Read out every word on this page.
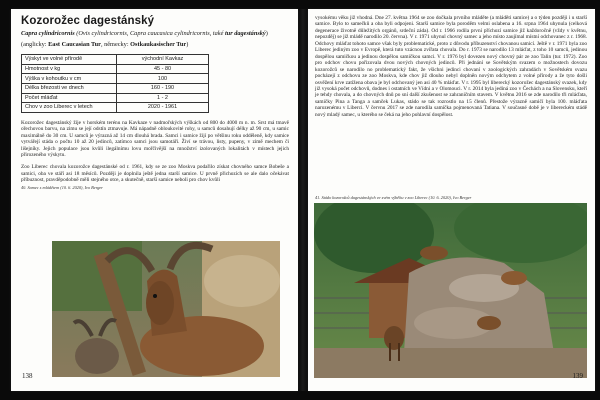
Kozorožec dagestánský
Capra cylindricornis (Ovis cylindricornis, Capra caucasica cylindricornis, také tur dagestánský)
(anglicky: East Caucasian Tur, německy: Ostkaukasischer Tur)
Výskyt ve volné přírodě	východní Kavkaz
Hmotnost v kg	45 - 80
Výška v kohoutku v cm	100
Délka březosti ve dnech	160 - 190
Počet mláďat	1 - 2
Chov v zoo Liberec v letech	2020 - 1961

Kozorožec dagestánský žije v horském terénu na Kavkaze v nadmořských výškách od 800 do 4000 m n. m. Srst má tmavě ořechovou barvu, na zimu se její odstín ztmavuje. Má nápadně obloukovité rohy, u samců dosahují délky až 90 cm, u samic maximálně do 30 cm. U samců je výrazná až 14 cm dlouhá brada. Samci i samice žijí po většinu roku odděleně, kdy samice vytvářejí stáda o počtu 10 až 20 jedinců, zatímco samci jsou samotáři. Živí se trávou, listy, pupeny, v zimě mechem či lišejníky. Jejich populace jsou kvůli ilegálnímu lovu mořčivější na množství izolovaných lokalitách v místech jejich přirozeného výskytu.

Zoo Liberec chovala kozorožce dagestánské od r. 1961, kdy se ze zoo Moskva podařilo získat chovného samce Bobeše a samici, oba ve stáří asi 18 měsíců. Později je doplnila ještě jedna starší samice. U prvně přichozích se ale dalo očekávat příbuznost, pravděpodobně měli stejného otce, a skutečně, starší samice neboli pro chov kvůli

40. Samec s mládětem (10. 6. 2020), Ivo Berger

138

vysokému věku již vhodná. Dne 27. května 1964 se zoo dočkala prvního mláděte (a mláděti samice) a o týden později i u starší samice. Bylo to samečků a oba byli odpojeni. Starší samice byla poroděm velmi oslabena a 16. srpna 1964 uhynula (celková degenerace životně důležitých orgánů, srdeční záda). Od r. 1966 rodila první příchozí samice již každoročně (vždy v květnu, nepozděj) se již mládě narodilo 20. června). V r. 1971 uhynul chovný samec a jeho místo zaujímal místní odchovanec z r. 1968. Odchovy mláďat tohoto samce však byly problematické, proto z důvodu příbuzenství chovanou samicí. Ještě v r. 1971 byla zoo Liberec jediným zoo v Evropě, která tuto vzácnou zvířata chovala. Do r. 1973 se narodilo 13 mláďat, z toho 10 samců, jedinou dospělou samičkou a jedinou dospělou samičkou samci. V r. 1976 byl dovezen nový chovný pár ze zoo Talin (tur. 1972). Zoo pro odchov chovu pořizovala dvou nových chovných jedinců. Při jednání se Sovětským svazem o možnostech dovozu kozorožců se narodilo no problematický fakt, že všichni jedinci chovaní v zoologických zahradách v Sovětském svazu pocházejí z odchovu ze zoo Moskva, kde chov již dlouho nebyl doplněn novým odchytem z volné přírody a že tyto došli osvěžení krve zatížena obava je byl odchovaný jen asi 40 % mláďat. V r. 1995 byl liberecký kozorožec dagestánský svazek, kdy již vysoká počet odchovů, dodnes i ostatních ve Vídni a v Olomouci. V r. 2014 byla jediná zoo v Čechách a na Slovensku, kteří je tehdy chovala, a do chovných dnů po sní další zkušenost se zahraničním stavem. V květnu 2016 se zde narodilo tři mláďata, samičky Pina a Tanga a samček Lukas, stádo se tak rozrostlo na 15 členů. Přestože výrazně samičí byla 100. mláďata narozenému v Liberci. V červnu 2017 se zde narodila samička pojmenovaná Tatiana. V současné době je v libereckém stádě nový mladý samec, u kterého se čeká na jeho pohlavní dospělost.

41. Stádo kozorožců dagestánských ve svém výběhu v zoo Liberec (10. 6. 2020), Ivo Berger
139
